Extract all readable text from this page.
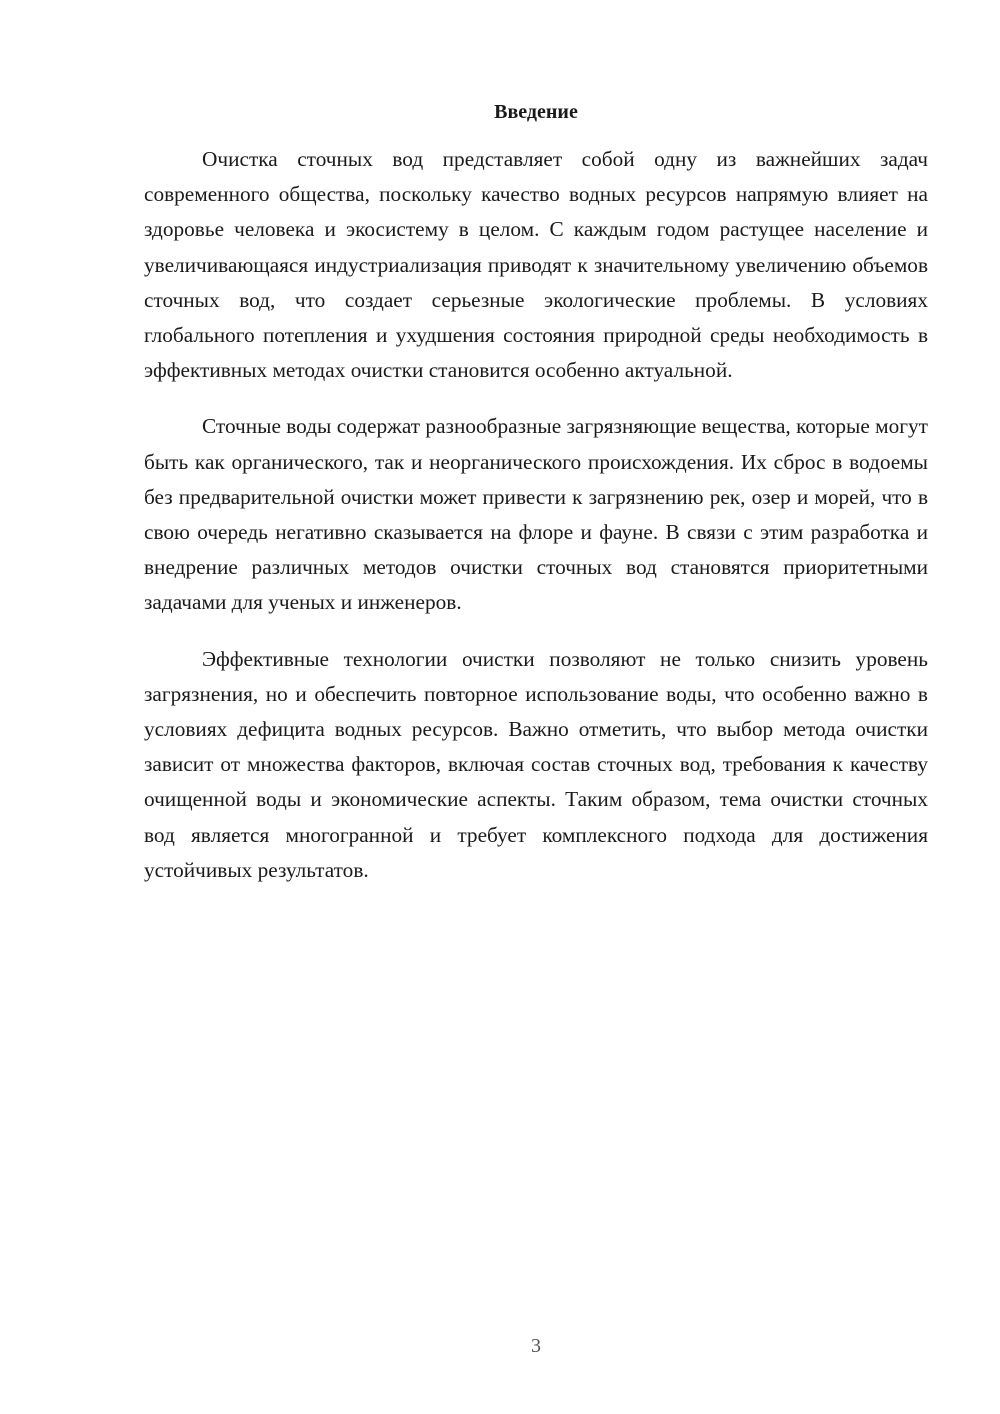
Введение

Очистка сточных вод представляет собой одну из важнейших задач современного общества, поскольку качество водных ресурсов напрямую влияет на здоровье человека и экосистему в целом. С каждым годом растущее население и увеличивающаяся индустриализация приводят к значительному увеличению объемов сточных вод, что создает серьезные экологические проблемы. В условиях глобального потепления и ухудшения состояния природной среды необходимость в эффективных методах очистки становится особенно актуальной.

Сточные воды содержат разнообразные загрязняющие вещества, которые могут быть как органического, так и неорганического происхождения. Их сброс в водоемы без предварительной очистки может привести к загрязнению рек, озер и морей, что в свою очередь негативно сказывается на флоре и фауне. В связи с этим разработка и внедрение различных методов очистки сточных вод становятся приоритетными задачами для ученых и инженеров.

Эффективные технологии очистки позволяют не только снизить уровень загрязнения, но и обеспечить повторное использование воды, что особенно важно в условиях дефицита водных ресурсов. Важно отметить, что выбор метода очистки зависит от множества факторов, включая состав сточных вод, требования к качеству очищенной воды и экономические аспекты. Таким образом, тема очистки сточных вод является многогранной и требует комплексного подхода для достижения устойчивых результатов.

3
